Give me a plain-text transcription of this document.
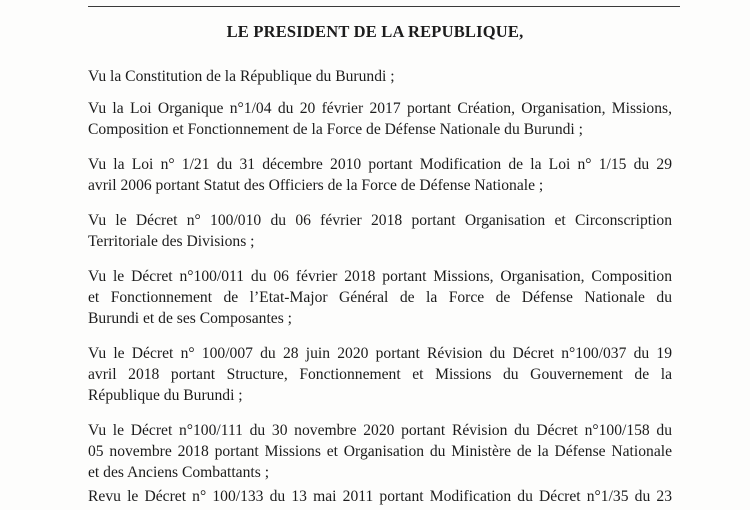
LE PRESIDENT DE LA REPUBLIQUE,
Vu la Constitution de la République du Burundi ;
Vu la Loi Organique n°1/04 du 20 février 2017 portant Création, Organisation, Missions,
Composition et Fonctionnement de la Force de Défense Nationale du Burundi ;
Vu la Loi n° 1/21 du 31 décembre 2010 portant Modification de la Loi n° 1/15 du 29
avril 2006 portant Statut des Officiers de la Force de Défense Nationale ;
Vu le Décret n° 100/010 du 06 février 2018 portant Organisation et Circonscription
Territoriale des Divisions ;
Vu le Décret n°100/011 du 06 février 2018 portant Missions, Organisation, Composition
et Fonctionnement de l’Etat-Major Général de la Force de Défense Nationale du
Burundi et de ses Composantes ;
Vu le Décret n° 100/007 du 28 juin 2020 portant Révision du Décret n°100/037 du 19
avril 2018 portant Structure, Fonctionnement et Missions du Gouvernement de la
République du Burundi ;
Vu le Décret n°100/111 du 30 novembre 2020 portant Révision du Décret n°100/158 du
05 novembre 2018 portant Missions et Organisation du Ministère de la Défense Nationale
et des Anciens Combattants ;
Revu le Décret n° 100/133 du 13 mai 2011 portant Modification du Décret n°1/35 du 23
